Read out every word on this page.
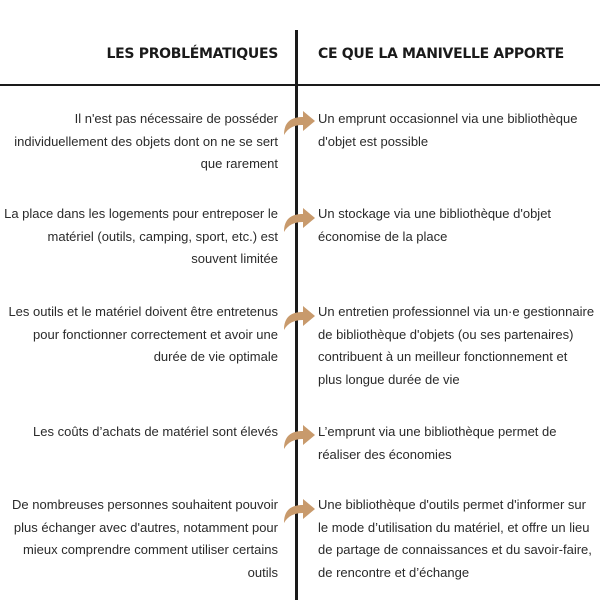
LES PROBLÉMATIQUES	CE QUE LA MANIVELLE APPORTE
Il n'est pas nécessaire de posséder
individuellement des objets dont on ne se sert
que rarement
Un emprunt occasionnel via une bibliothèque
d'objet est possible
La place dans les logements pour entreposer le
matériel (outils, camping, sport, etc.) est
souvent limitée
Un stockage via une bibliothèque d'objet
économise de la place
Les outils et le matériel doivent être entretenus
pour fonctionner correctement et avoir une
durée de vie optimale
Un entretien professionnel via un·e gestionnaire
de bibliothèque d'objets (ou ses partenaires)
contribuent à un meilleur fonctionnement et
plus longue durée de vie
Les coûts d’achats de matériel sont élevés	L’emprunt via une bibliothèque permet de
réaliser des économies
De nombreuses personnes souhaitent pouvoir
plus échanger avec d'autres, notamment pour
mieux comprendre comment utiliser certains
outils
Une bibliothèque d'outils permet d'informer sur
le mode d’utilisation du matériel, et offre un lieu
de partage de connaissances et du savoir-faire,
de rencontre et d’échange
